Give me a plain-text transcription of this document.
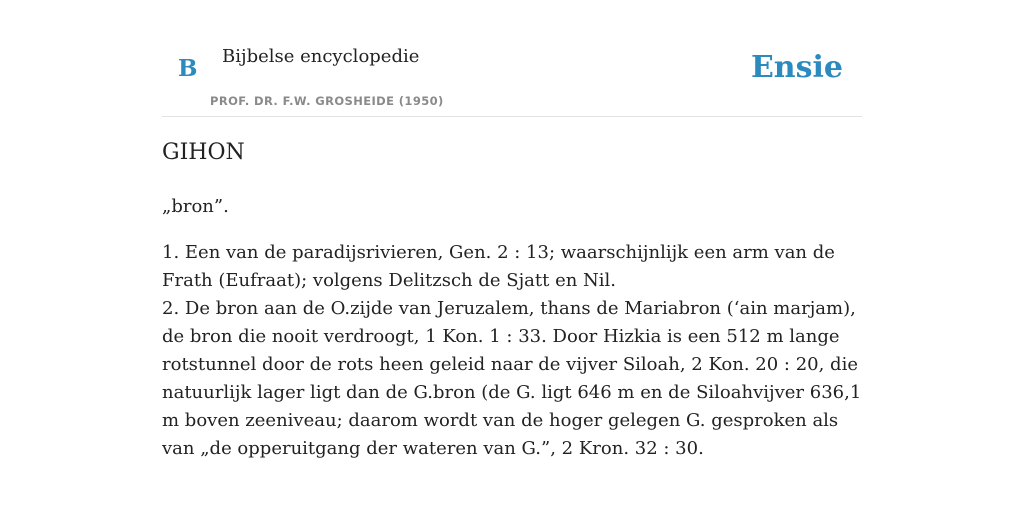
B Bijbelse encyclopedie
PROF. DR. F.W. GROSHEIDE (1950)
Ensie
GIHON

„bron”.

1. Een van de paradijsrivieren, Gen. 2 : 13; waarschijnlijk een arm van de Frath (Eufraat); volgens Delitzsch de Sjatt en Nil.

2. De bron aan de O.zijde van Jeruzalem, thans de Mariabron (‘ain marjam), de bron die nooit verdroogt, 1 Kon. 1 : 33. Door Hizkia is een 512 m lange rotstunnel door de rots heen geleid naar de vijver Siloah, 2 Kon. 20 : 20, die natuurlijk lager ligt dan de G.bron (de G. ligt 646 m en de Siloahvijver 636,1 m boven zeeniveau; daarom wordt van de hoger gelegen G. gesproken als van „de opperuitgang der wateren van G.”, 2 Kron. 32 : 30.
